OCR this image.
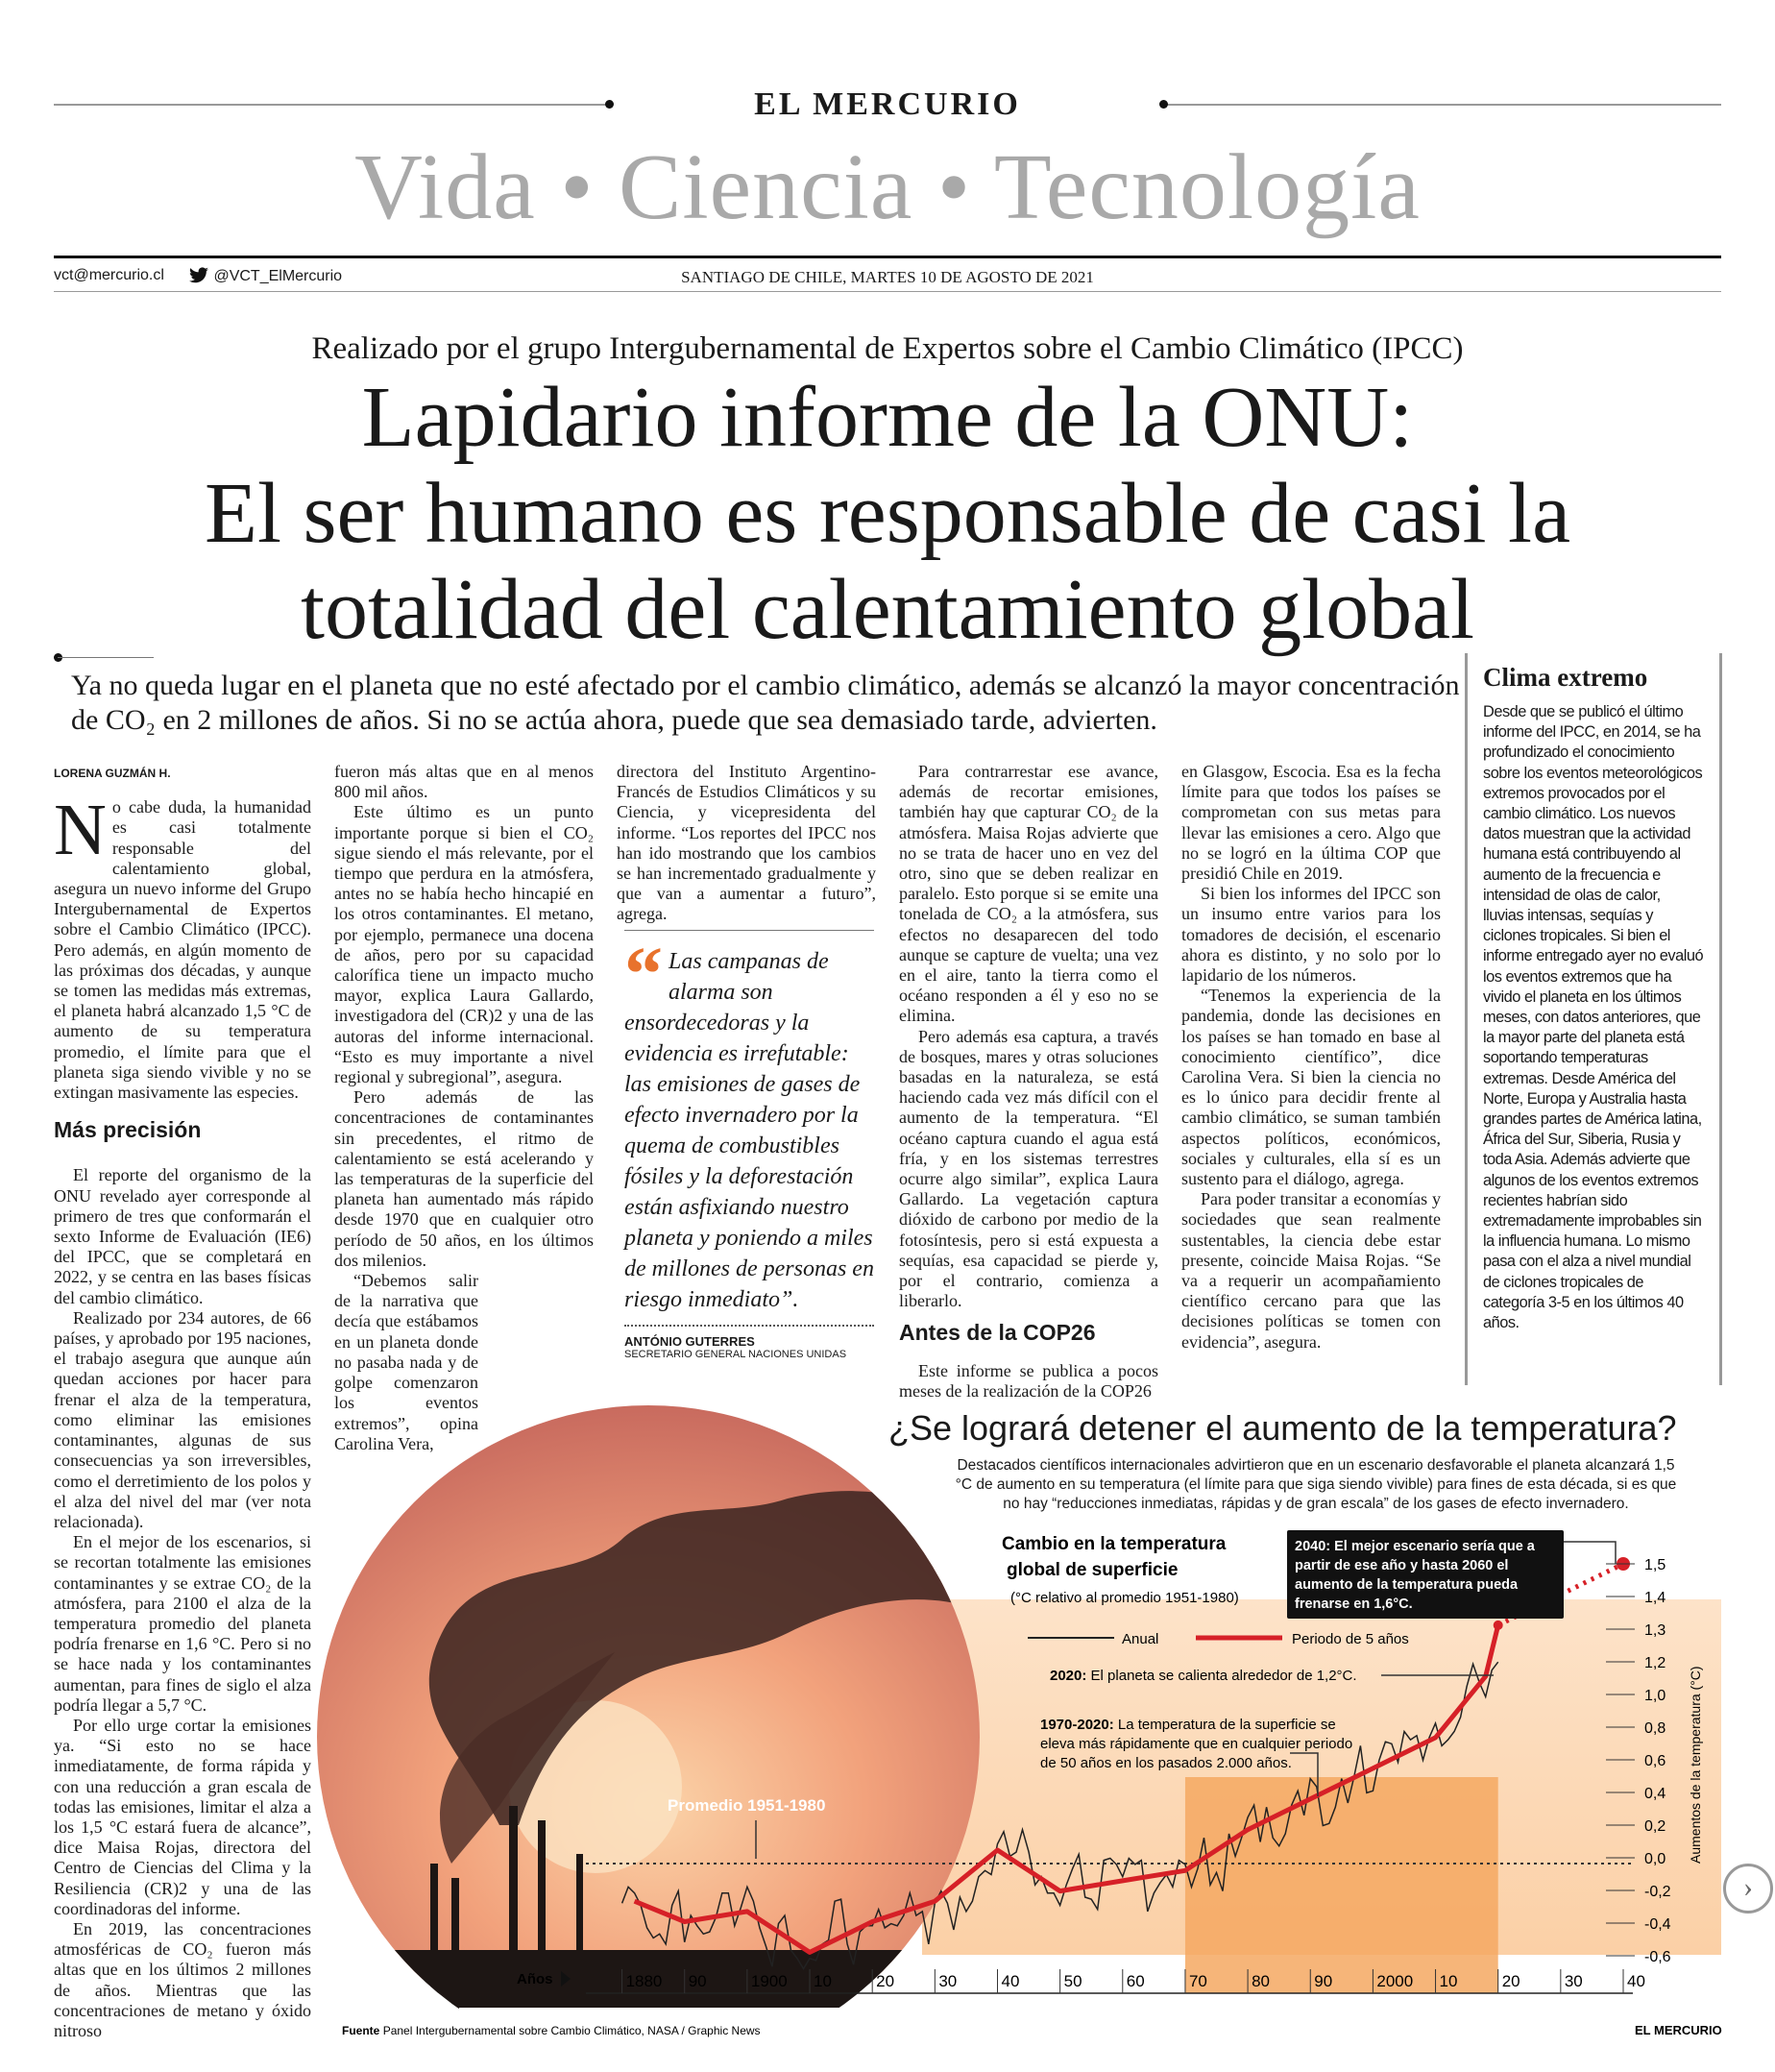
EL MERCURIO
Vida • Ciencia • Tecnología
vct@mercurio.cl	@VCT_ElMercurio	SANTIAGO DE CHILE, MARTES 10 DE AGOSTO DE 2021
Realizado por el grupo Intergubernamental de Expertos sobre el Cambio Climático (IPCC)
Lapidario informe de la ONU:
El ser humano es responsable de casi la
totalidad del calentamiento global
Ya no queda lugar en el planeta que no esté afectado por el cambio climático, además se alcanzó la mayor concentración de CO₂ en 2 millones de años. Si no se actúa ahora, puede que sea demasiado tarde, advierten.
LORENA GUZMÁN H.

No cabe duda, la humanidad es casi totalmente responsable del calentamiento global, asegura un nuevo informe del Grupo Intergubernamental de Expertos sobre el Cambio Climático (IPCC). Pero además, en algún momento de las próximas dos décadas, y aunque se tomen las medidas más extremas, el planeta habrá alcanzado 1,5 °C de aumento de su temperatura promedio, el límite para que el planeta siga siendo vivible y no se extingan masivamente las especies.

Más precisión

El reporte del organismo de la ONU revelado ayer corresponde al primero de tres que conformarán el sexto Informe de Evaluación (IE6) del IPCC, que se completará en 2022, y se centra en las bases físicas del cambio climático.

Realizado por 234 autores, de 66 países, y aprobado por 195 naciones, el trabajo asegura que aunque aún quedan acciones por hacer para frenar el alza de la temperatura, como eliminar las emisiones contaminantes, algunas de sus consecuencias ya son irreversibles, como el derretimiento de los polos y el alza del nivel del mar (ver nota relacionada).

En el mejor de los escenarios, si se recortan totalmente las emisiones contaminantes y se extrae CO₂ de la atmósfera, para 2100 el alza de la temperatura promedio del planeta podría frenarse en 1,6 °C. Pero si no se hace nada y los contaminantes aumentan, para fines de siglo el alza podría llegar a 5,7 °C.

Por ello urge cortar la emisiones ya. “Si esto no se hace inmediatamente, de forma rápida y con una reducción a gran escala de todas las emisiones, limitar el alza a los 1,5 °C estará fuera de alcance”, dice Maisa Rojas, directora del Centro de Ciencias del Clima y la Resiliencia (CR)2 y una de las coordinadoras del informe.

En 2019, las concentraciones atmosféricas de CO₂ fueron más altas que en los últimos 2 millones de años. Mientras que las concentraciones de metano y óxido nitroso

fueron más altas que en al menos 800 mil años.

Este último es un punto importante porque si bien el CO₂ sigue siendo el más relevante, por el tiempo que perdura en la atmósfera, antes no se había hecho hincapié en los otros contaminantes. El metano, por ejemplo, permanece una docena de años, pero por su capacidad calorífica tiene un impacto mucho mayor, explica Laura Gallardo, investigadora del (CR)2 y una de las autoras del informe internacional. “Esto es muy importante a nivel regional y subregional”, asegura.

Pero además de las concentraciones de contaminantes sin precedentes, el ritmo de calentamiento se está acelerando y las temperaturas de la superficie del planeta han aumentado más rápido desde 1970 que en cualquier otro período de 50 años, en los últimos dos milenios.

“Debemos salir de la narrativa que decía que estábamos en un planeta donde no pasaba nada y de golpe comenzaron los eventos extremos”, opina Carolina Vera,

directora del Instituto Argentino-Francés de Estudios Climáticos y su Ciencia, y vicepresidenta del informe. “Los reportes del IPCC nos han ido mostrando que los cambios se han incrementado gradualmente y que van a aumentar a futuro”, agrega.

“ Las campanas de alarma son ensordecedoras y la evidencia es irrefutable: las emisiones de gases de efecto invernadero por la quema de combustibles fósiles y la deforestación están asfixiando nuestro planeta y poniendo a miles de millones de personas en riesgo inmediato”.
ANTÓNIO GUTERRES
SECRETARIO GENERAL NACIONES UNIDAS

Para contrarrestar ese avance, además de recortar emisiones, también hay que capturar CO₂ de la atmósfera. Maisa Rojas advierte que no se trata de hacer uno en vez del otro, sino que se deben realizar en paralelo. Esto porque si se emite una tonelada de CO₂ a la atmósfera, sus efectos no desaparecen del todo aunque se capture de vuelta; una vez en el aire, tanto la tierra como el océano responden a él y eso no se elimina.

Pero además esa captura, a través de bosques, mares y otras soluciones basadas en la naturaleza, se está haciendo cada vez más difícil con el aumento de la temperatura. “El océano captura cuando el agua está fría, y en los sistemas terrestres ocurre algo similar”, explica Laura Gallardo. La vegetación captura dióxido de carbono por medio de la fotosíntesis, pero si está expuesta a sequías, esa capacidad se pierde y, por el contrario, comienza a liberarlo.

Antes de la COP26

Este informe se publica a pocos meses de la realización de la COP26

en Glasgow, Escocia. Esa es la fecha límite para que todos los países se comprometan con sus metas para llevar las emisiones a cero. Algo que no se logró en la última COP que presidió Chile en 2019.

Si bien los informes del IPCC son un insumo entre varios para los tomadores de decisión, el escenario ahora es distinto, y no solo por lo lapidario de los números.

“Tenemos la experiencia de la pandemia, donde las decisiones en los países se han tomado en base al conocimiento científico”, dice Carolina Vera. Si bien la ciencia no es lo único para decidir frente al cambio climático, se suman también aspectos políticos, económicos, sociales y culturales, ella sí es un sustento para el diálogo, agrega.

Para poder transitar a economías y sociedades que sean realmente sustentables, la ciencia debe estar presente, coincide Maisa Rojas. “Se va a requerir un acompañamiento científico cercano para que las decisiones políticas se tomen con evidencia”, asegura.

Clima extremo
Desde que se publicó el último informe del IPCC, en 2014, se ha profundizado el conocimiento sobre los eventos meteorológicos extremos provocados por el cambio climático. Los nuevos datos muestran que la actividad humana está contribuyendo al aumento de la frecuencia e intensidad de olas de calor, lluvias intensas, sequías y ciclones tropicales. Si bien el informe entregado ayer no evaluó los eventos extremos que ha vivido el planeta en los últimos meses, con datos anteriores, que la mayor parte del planeta está soportando temperaturas extremas. Desde América del Norte, Europa y Australia hasta grandes partes de América latina, África del Sur, Siberia, Rusia y toda Asia. Además advierte que algunos de los eventos extremos recientes habrían sido extremadamente improbables sin la influencia humana. Lo mismo pasa con el alza a nivel mundial de ciclones tropicales de categoría 3-5 en los últimos 40 años.
¿Se logrará detener el aumento de la temperatura?
Destacados científicos internacionales advirtieron que en un escenario desfavorable el planeta alcanzará 1,5 °C de aumento en su temperatura (el límite para que siga siendo vivible) para fines de esta década, si es que no hay “reducciones inmediatas, rápidas y de gran escala” de los gases de efecto invernadero.
1880 90	1900 10	20	30	40	50	60	70	80	90	2000 10	20	30	40
1,5
1,4
1,3
1,2
1,0
0,8
0,6
0,4
0,2
0,0
-0,2
-0,4
-0,6
Años
Aumentos de la temperatura (°C)
Cambio en la temperatura
global de superficie
(°C relativo al promedio 1951-1980)
Anual	Periodo de 5 años
Promedio 1951-1980
2040: El mejor escenario sería que a
partir de ese año y hasta 2060 el
aumento de la temperatura pueda
frenarse en 1,6°C.
2020: El planeta se calienta alrededor de 1,2°C.
1970-2020: La temperatura de la superficie se
eleva más rápidamente que en cualquier periodo
de 50 años en los pasados 2.000 años.
Fuente Panel Intergubernamental sobre Cambio Climático, NASA / Graphic News	EL MERCURIO
›
